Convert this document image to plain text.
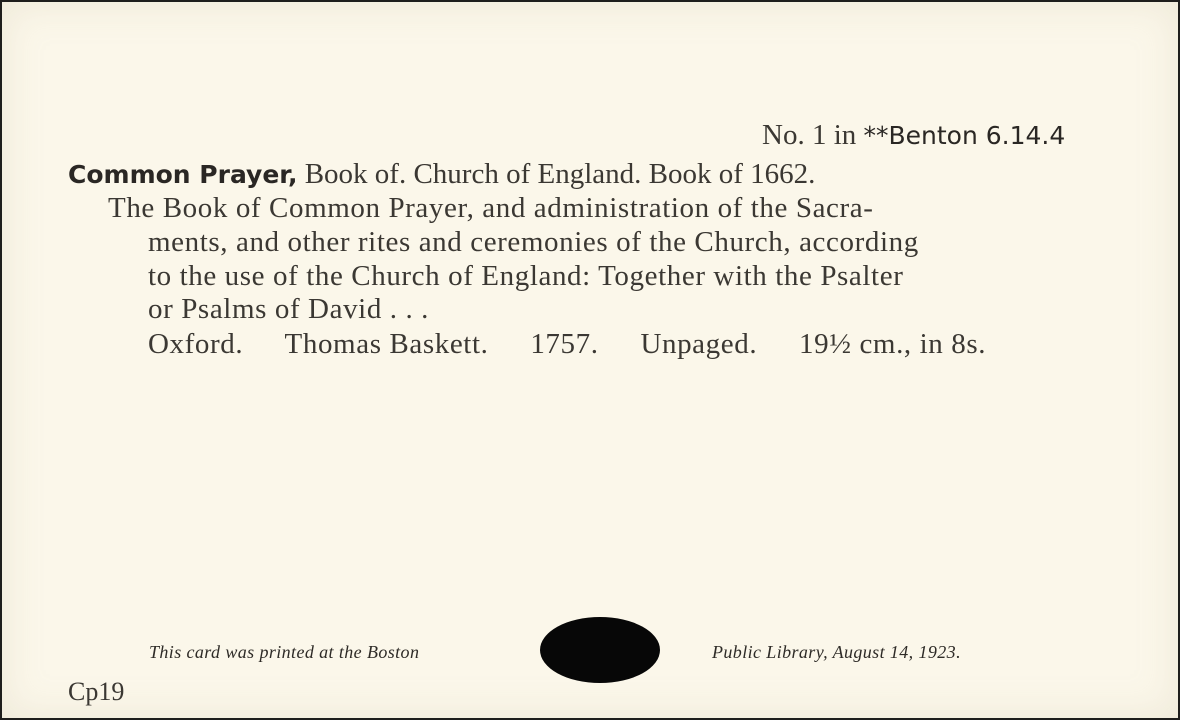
No. 1 in **Benton 6.14.4
Common Prayer, Book of. Church of England. Book of 1662.
The Book of Common Prayer, and administration of the Sacra-
ments, and other rites and ceremonies of the Church, according
to the use of the Church of England: Together with the Psalter
or Psalms of David . . .
Oxford. Thomas Baskett. 1757. Unpaged. 19½ cm., in 8s.
This card was printed at the Boston	Public Library, August 14, 1923.
Cp19
